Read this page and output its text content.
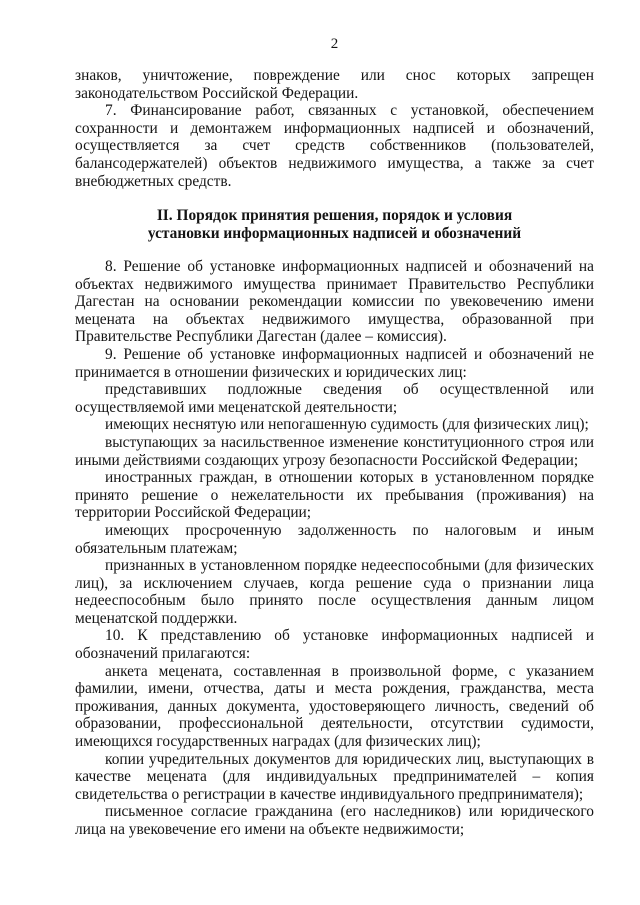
2

знаков, уничтожение, повреждение или снос которых запрещен законодательством Российской Федерации.

7. Финансирование работ, связанных с установкой, обеспечением сохранности и демонтажем информационных надписей и обозначений, осуществляется за счет средств собственников (пользователей, балансодержателей) объектов недвижимого имущества, а также за счет внебюджетных средств.

II. Порядок принятия решения, порядок и условия
установки информационных надписей и обозначений

8. Решение об установке информационных надписей и обозначений на объектах недвижимого имущества принимает Правительство Республики Дагестан на основании рекомендации комиссии по увековечению имени мецената на объектах недвижимого имущества, образованной при Правительстве Республики Дагестан (далее – комиссия).

9. Решение об установке информационных надписей и обозначений не принимается в отношении физических и юридических лиц:

представивших подложные сведения об осуществленной или осуществляемой ими меценатской деятельности;

имеющих неснятую или непогашенную судимость (для физических лиц);

выступающих за насильственное изменение конституционного строя или иными действиями создающих угрозу безопасности Российской Федерации;

иностранных граждан, в отношении которых в установленном порядке принято решение о нежелательности их пребывания (проживания) на территории Российской Федерации;

имеющих просроченную задолженность по налоговым и иным обязательным платежам;

признанных в установленном порядке недееспособными (для физических лиц), за исключением случаев, когда решение суда о признании лица недееспособным было принято после осуществления данным лицом меценатской поддержки.

10. К представлению об установке информационных надписей и обозначений прилагаются:

анкета мецената, составленная в произвольной форме, с указанием фамилии, имени, отчества, даты и места рождения, гражданства, места проживания, данных документа, удостоверяющего личность, сведений об образовании, профессиональной деятельности, отсутствии судимости, имеющихся государственных наградах (для физических лиц);

копии учредительных документов для юридических лиц, выступающих в качестве мецената (для индивидуальных предпринимателей – копия свидетельства о регистрации в качестве индивидуального предпринимателя);

письменное согласие гражданина (его наследников) или юридического лица на увековечение его имени на объекте недвижимости;
